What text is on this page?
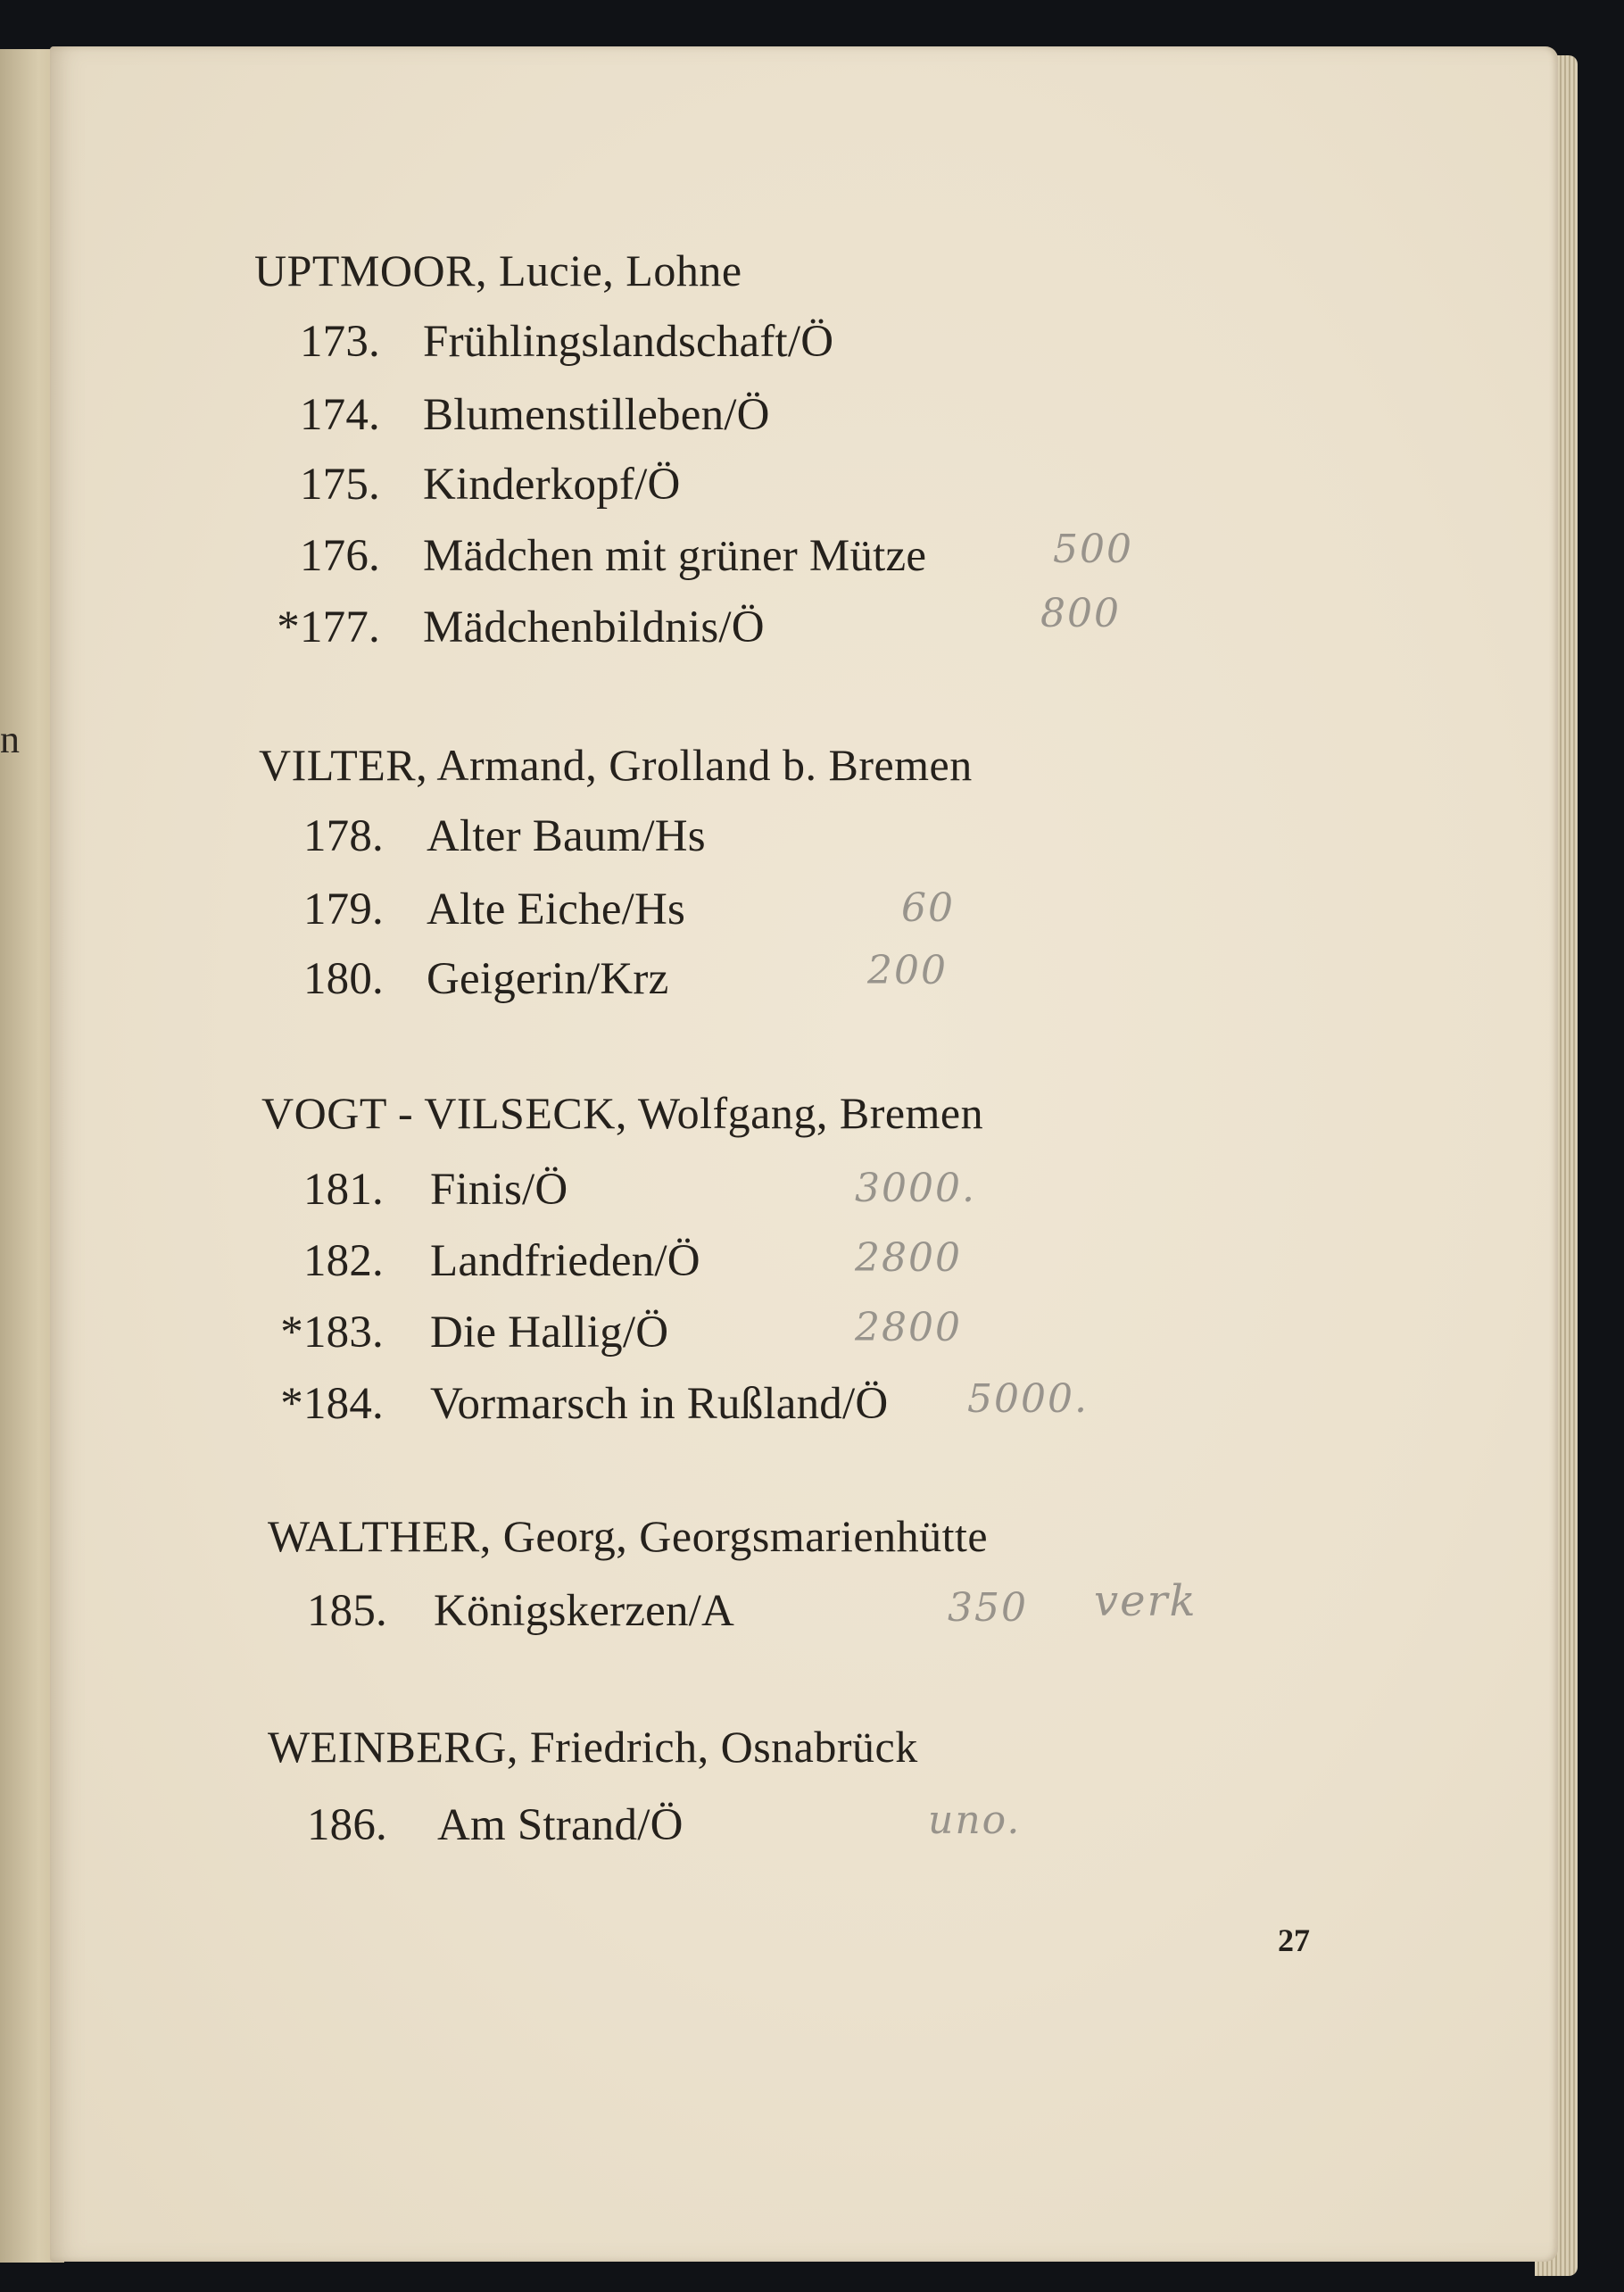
n
UPTMOOR, Lucie, Lohne
173. Frühlingslandschaft/Ö
174. Blumenstilleben/Ö
175. Kinderkopf/Ö
176. Mädchen mit grüner Mütze	500
*177. Mädchenbildnis/Ö	800
VILTER, Armand, Grolland b. Bremen
178. Alter Baum/Hs
179. Alte Eiche/Hs	60
180. Geigerin/Krz	200
VOGT - VILSECK, Wolfgang, Bremen
181. Finis/Ö	3000.
182. Landfrieden/Ö	2800
*183. Die Hallig/Ö	2800
*184. Vormarsch in Rußland/Ö 5000.
WALTHER, Georg, Georgsmarienhütte
185. Königskerzen/A	350 verk
WEINBERG, Friedrich, Osnabrück
186. Am Strand/Ö	uno.
27
